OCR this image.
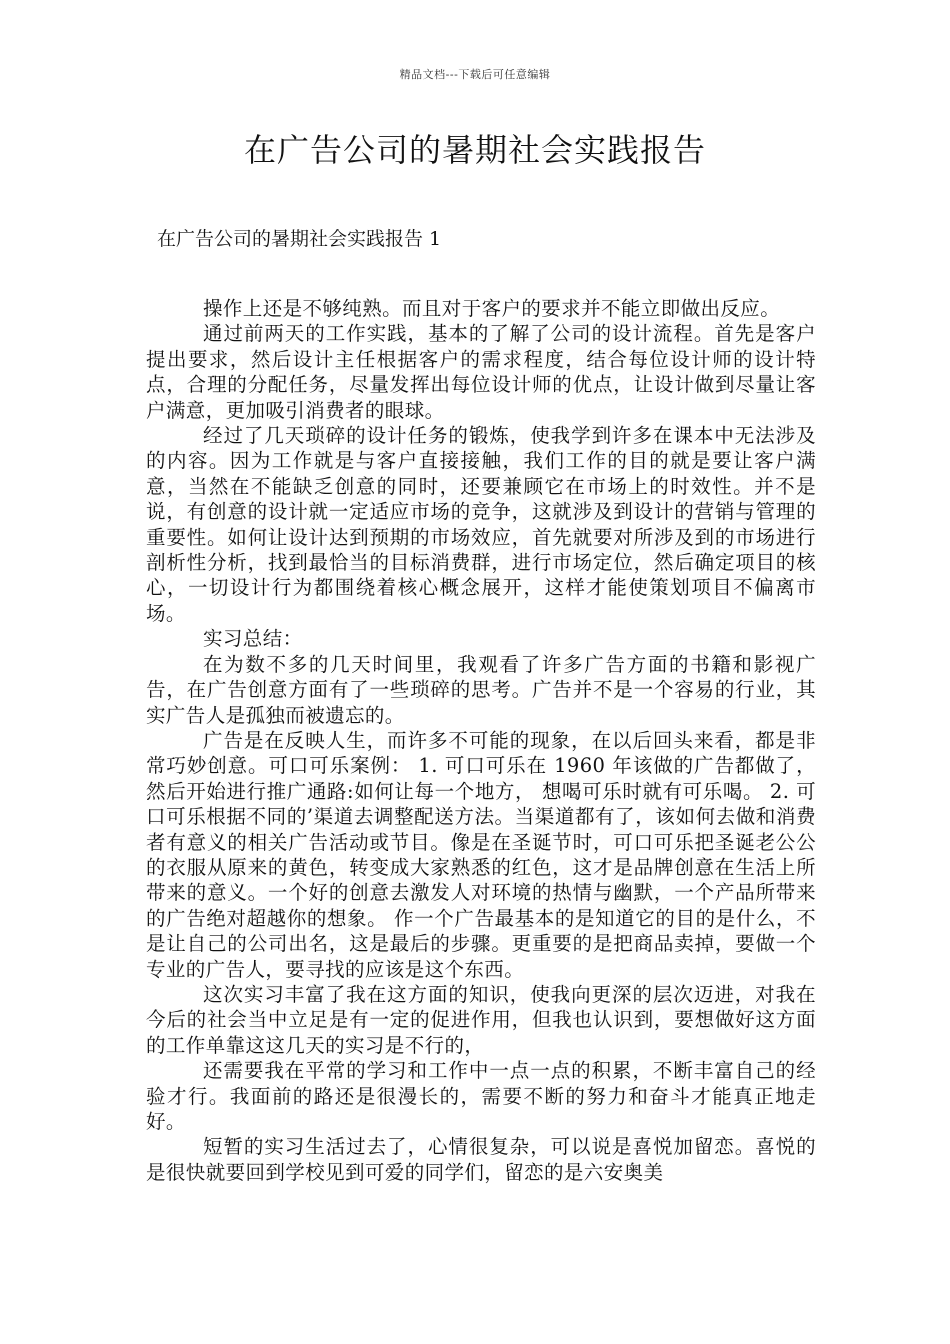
精品文档---下载后可任意编辑
在广告公司的暑期社会实践报告
在广告公司的暑期社会实践报告 1

操作上还是不够纯熟。而且对于客户的要求并不能立即做出反应。

通过前两天的工作实践，基本的了解了公司的设计流程。首先是客户提出要求，然后设计主任根据客户的需求程度，结合每位设计师的设计特点，合理的分配任务，尽量发挥出每位设计师的优点，让设计做到尽量让客户满意，更加吸引消费者的眼球。

经过了几天琐碎的设计任务的锻炼，使我学到许多在课本中无法涉及的内容。因为工作就是与客户直接接触，我们工作的目的就是要让客户满意，当然在不能缺乏创意的同时，还要兼顾它在市场上的时效性。并不是说，有创意的设计就一定适应市场的竞争，这就涉及到设计的营销与管理的重要性。如何让设计达到预期的市场效应，首先就要对所涉及到的市场进行剖析性分析，找到最恰当的目标消费群，进行市场定位，然后确定项目的核心，一切设计行为都围绕着核心概念展开，这样才能使策划项目不偏离市场。

实习总结：

在为数不多的几天时间里，我观看了许多广告方面的书籍和影视广告，在广告创意方面有了一些琐碎的思考。广告并不是一个容易的行业，其实广告人是孤独而被遗忘的。

广告是在反映人生，而许多不可能的现象，在以后回头来看，都是非常巧妙创意。可口可乐案例： 1. 可口可乐在 1960 年该做的广告都做了，然后开始进行推广通路:如何让每一个地方， 想喝可乐时就有可乐喝。 2. 可口可乐根据不同的’渠道去调整配送方法。当渠道都有了，该如何去做和消费者有意义的相关广告活动或节目。像是在圣诞节时，可口可乐把圣诞老公公的衣服从原来的黄色，转变成大家熟悉的红色，这才是品牌创意在生活上所带来的意义。一个好的创意去激发人对环境的热情与幽默，一个产品所带来的广告绝对超越你的想象。 作一个广告最基本的是知道它的目的是什么，不是让自己的公司出名，这是最后的步骤。更重要的是把商品卖掉，要做一个专业的广告人，要寻找的应该是这个东西。

这次实习丰富了我在这方面的知识，使我向更深的层次迈进，对我在今后的社会当中立足是有一定的促进作用，但我也认识到，要想做好这方面的工作单靠这这几天的实习是不行的，

还需要我在平常的学习和工作中一点一点的积累，不断丰富自己的经验才行。我面前的路还是很漫长的，需要不断的努力和奋斗才能真正地走好。

短暂的实习生活过去了，心情很复杂，可以说是喜悦加留恋。喜悦的是很快就要回到学校见到可爱的同学们，留恋的是六安奥美
